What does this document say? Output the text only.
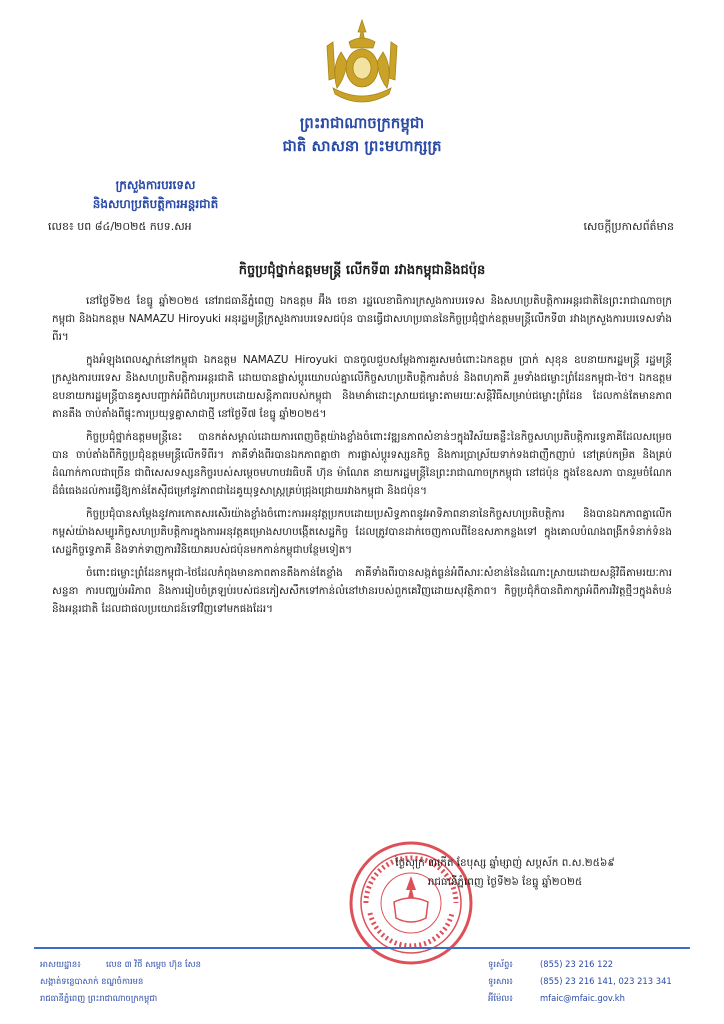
ព្រះរាជាណាចក្រកម្ពុជា
ជាតិ សាសនា ព្រះមហាក្សត្រ
ក្រសួងការបរទេស
និងសហប្រតិបត្តិការអន្តរជាតិ
លេខ៖ បព ៨៤/២០២៥ កបទ.សអ	សេចក្តីប្រកាសព័ត៌មាន
កិច្ចប្រជុំថ្នាក់ឧត្តមមន្ត្រី លើកទី៣ រវាងកម្ពុជានិងជប៉ុន

នៅថ្ងៃទី២៥ ខែធ្នូ ឆ្នាំ២០២៥ នៅរាជធានីភ្នំពេញ ឯកឧត្តម អ៊ឹង ចេនា រដ្ឋលេខាធិការក្រសួងការបរទេស និងសហប្រតិបត្តិការអន្តរជាតិនៃព្រះរាជាណាចក្រកម្ពុជា និងឯកឧត្តម NAMAZU Hiroyuki អនុរដ្ឋមន្ត្រីក្រសួងការបរទេសជប៉ុន បានធ្វើជាសហប្រធាននៃកិច្ចប្រជុំថ្នាក់ឧត្តមមន្ត្រីលើកទី៣ រវាងក្រសួងការបរទេសទាំងពីរ។

ក្នុងអំឡុងពេលស្នាក់នៅកម្ពុជា ឯកឧត្តម NAMAZU Hiroyuki បានចូលជួបសម្តែងការគួរសមចំពោះឯកឧត្តម ប្រាក់ សុខុន ឧបនាយករដ្ឋមន្ត្រី រដ្ឋមន្ត្រីក្រសួងការបរទេស និងសហប្រតិបត្តិការអន្តរជាតិ ដោយបានផ្លាស់ប្តូរយោបល់គ្នាលើកិច្ចសហប្រតិបត្តិការតំបន់ និងពហុភាគី រួមទាំងជម្លោះព្រំដែនកម្ពុជា-ថៃ។ ឯកឧត្តមឧបនាយករដ្ឋមន្ត្រីបានគូសបញ្ជាក់អំពីជំហរប្រកបដោយសន្តិភាពរបស់កម្ពុជា និងមាគ៌ាដោះស្រាយជម្លោះតាមរយៈសន្តិវិធីសម្រាប់ជម្លោះព្រំដែន ដែលកាន់តែមានភាពតានតឹង ចាប់តាំងពីផ្ទុះការប្រយុទ្ធគ្នាសាជាថ្មី នៅថ្ងៃទី៧ ខែធ្នូ ឆ្នាំ២០២៥។

កិច្ចប្រជុំថ្នាក់ឧត្តមមន្ត្រីនេះ បានកត់សម្គាល់ដោយការពេញចិត្តយ៉ាងខ្លាំងចំពោះវឌ្ឍនភាពសំខាន់ៗក្នុងវិស័យគន្លឹះនៃកិច្ចសហប្រតិបត្តិការទ្វេភាគីដែលសម្រេចបាន ចាប់តាំងពីកិច្ចប្រជុំឧត្តមមន្ត្រីលើកទីពីរ។ ភាគីទាំងពីរបានឯកភាពគ្នាថា ការផ្លាស់ប្តូរទស្សនកិច្ច និងការប្រាស្រ័យទាក់ទងជាញឹកញាប់ នៅគ្រប់កម្រិត និងគ្រប់ដំណាក់កាលជាច្រើន ជាពិសេសទស្សនកិច្ចរបស់សម្តេចមហាបវរធិបតី ហ៊ុន ម៉ាណែត នាយករដ្ឋមន្ត្រីនៃព្រះរាជាណាចក្រកម្ពុជា នៅជប៉ុន ក្នុងខែឧសភា បានរួមចំណែកដ៏ធំធេងដល់ការធ្វើឱ្យកាន់តែស៊ីជម្រៅនូវភាពជាដៃគូយុទ្ធសាស្ត្រគ្រប់ជ្រុងជ្រោយរវាងកម្ពុជា និងជប៉ុន។

កិច្ចប្រជុំបានសម្តែងនូវការកោតសរសើរយ៉ាងខ្លាំងចំពោះការអនុវត្តប្រកបដោយប្រសិទ្ធភាពនូវអាទិភាពនានានៃកិច្ចសហប្រតិបត្តិការ និងបានឯកភាពគ្នាលើកកម្ពស់យ៉ាងសម្បូរកិច្ចសហប្រតិបត្តិការក្នុងការអនុវត្តគម្រោងសហបង្កើតសេដ្ឋកិច្ច ដែលត្រូវបានដាក់ចេញកាលពីខែឧសភាកន្លងទៅ ក្នុងគោលបំណងពង្រីកទំនាក់ទំនងសេដ្ឋកិច្ចទ្វេភាគី និងទាក់ទាញការវិនិយោគរបស់ជប៉ុនមកកាន់កម្ពុជាបន្ថែមទៀត។

ចំពោះជម្លោះព្រំដែនកម្ពុជា-ថៃដែលកំពុងមានភាពតានតឹងកាន់តែខ្លាំង ភាគីទាំងពីរបានសង្កត់ធ្ងន់អំពីសារៈសំខាន់នៃដំណោះស្រាយដោយសន្តិវិធីតាមរយៈការសន្ទនា ការបញ្ឈប់អរិភាព និងការរៀបចំត្រឡប់របស់ជនភៀសសឹកទៅកាន់លំនៅឋានរបស់ពួកគេវិញដោយសុវត្ថិភាព។ កិច្ចប្រជុំក៏បានពិភាក្សាអំពីការវិវត្តថ្មីៗក្នុងតំបន់ និងអន្តរជាតិ ដែលជាផលប្រយោជន៍ទៅវិញទៅមកផងដែរ។

ថ្ងៃសុក្រ ៣កើត ខែបុស្ស ឆ្នាំម្សាញ់ សប្តស័ក ព.ស.២៥៦៩
រាជធានីភ្នំពេញ ថ្ងៃទី២៦ ខែធ្នូ ឆ្នាំ២០២៥
អាសយដ្ឋាន៖	លេខ ៣ វិថី សម្តេច ហ៊ុន សែន
សង្កាត់ទន្លេបាសាក់ ខណ្ឌចំការមន
រាជធានីភ្នំពេញ ព្រះរាជាណាចក្រកម្ពុជា
ទូរស័ព្ទ៖	(855) 23 216 122
ទូរសារ៖	(855) 23 216 141, 023 213 341
អ៊ីម៉ែល៖	mfaic@mfaic.gov.kh
